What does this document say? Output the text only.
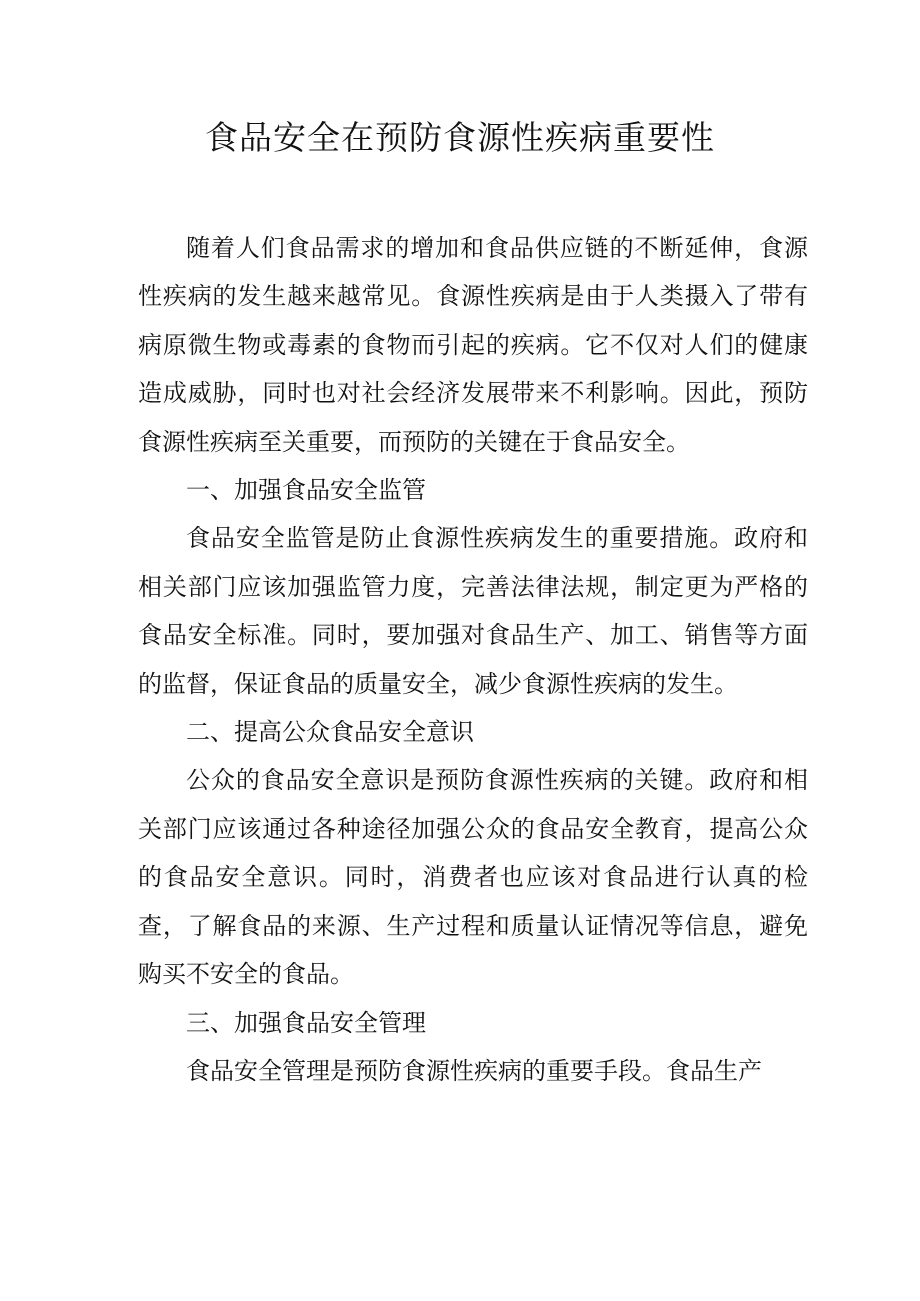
食品安全在预防食源性疾病重要性

随着人们食品需求的增加和食品供应链的不断延伸，食源性疾病的发生越来越常见。食源性疾病是由于人类摄入了带有病原微生物或毒素的食物而引起的疾病。它不仅对人们的健康造成威胁，同时也对社会经济发展带来不利影响。因此，预防食源性疾病至关重要，而预防的关键在于食品安全。

一、加强食品安全监管

食品安全监管是防止食源性疾病发生的重要措施。政府和相关部门应该加强监管力度，完善法律法规，制定更为严格的食品安全标准。同时，要加强对食品生产、加工、销售等方面的监督，保证食品的质量安全，减少食源性疾病的发生。

二、提高公众食品安全意识

公众的食品安全意识是预防食源性疾病的关键。政府和相关部门应该通过各种途径加强公众的食品安全教育，提高公众的食品安全意识。同时，消费者也应该对食品进行认真的检查，了解食品的来源、生产过程和质量认证情况等信息，避免购买不安全的食品。

三、加强食品安全管理

食品安全管理是预防食源性疾病的重要手段。食品生产
